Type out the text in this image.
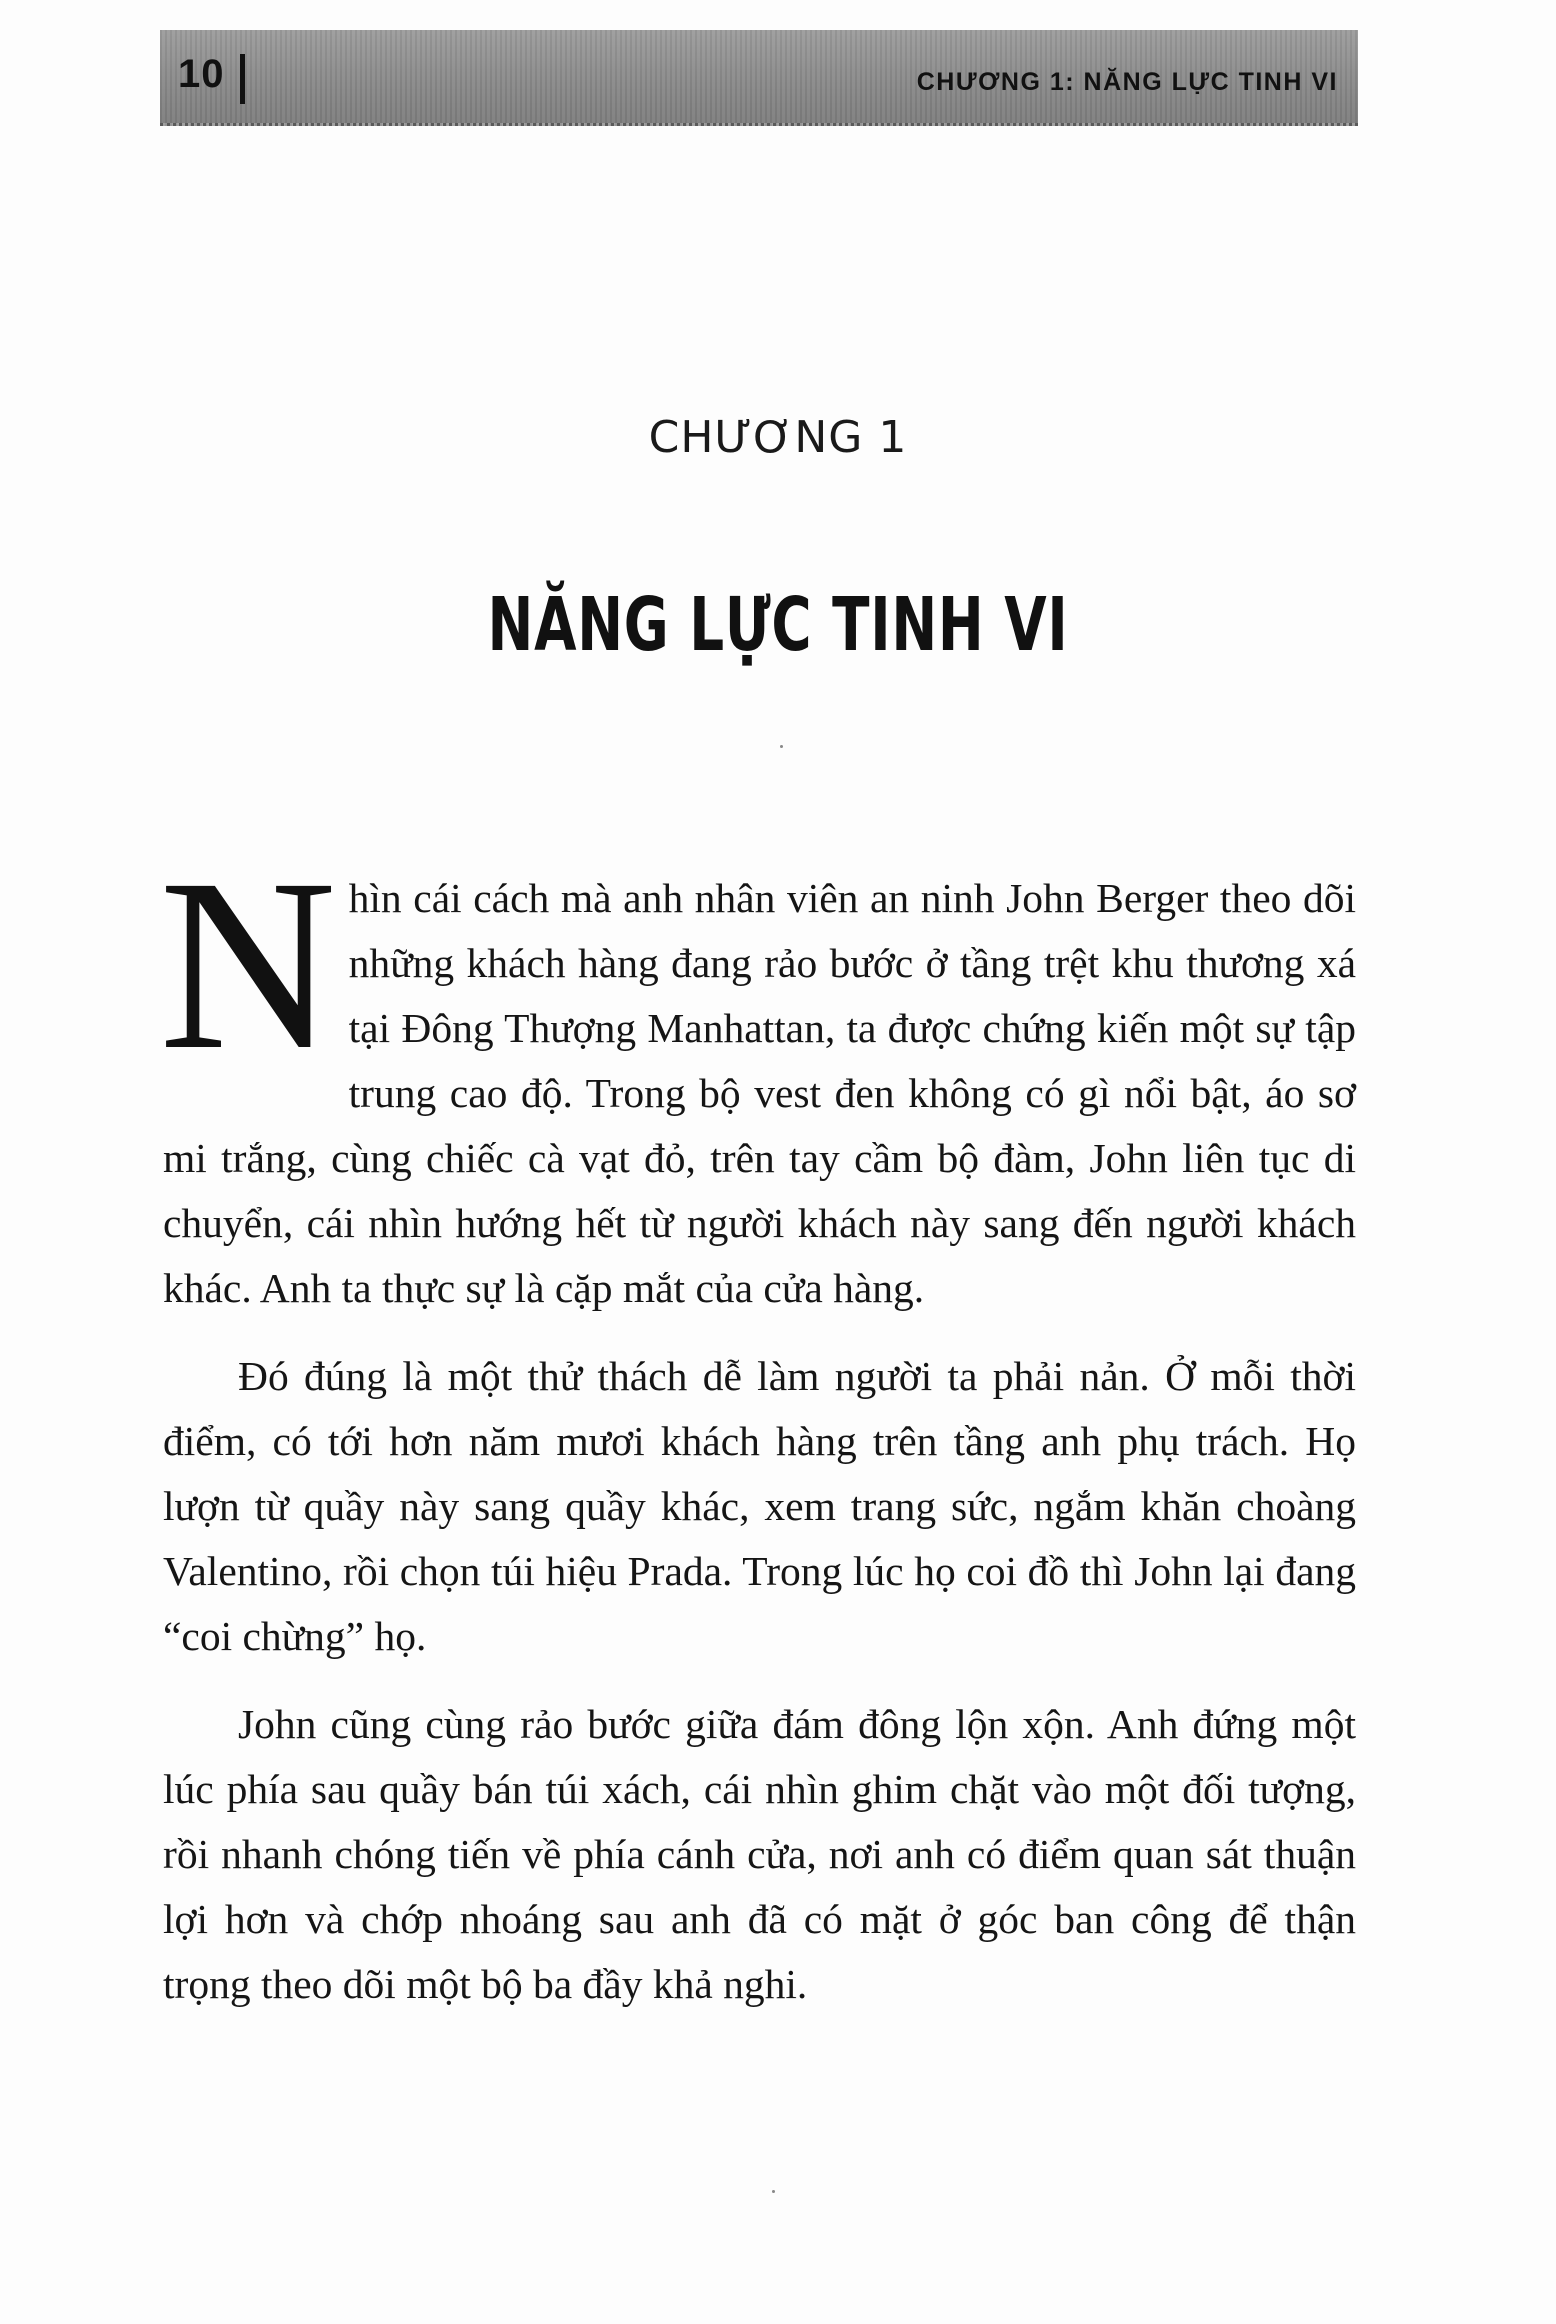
10	CHƯƠNG 1: NĂNG LỰC TINH VI
CHƯƠNG 1
NĂNG LỰC TINH VI

Nhìn cái cách mà anh nhân viên an ninh John Berger theo dõi những khách hàng đang rảo bước ở tầng trệt khu thương xá tại Đông Thượng Manhattan, ta được chứng kiến một sự tập trung cao độ. Trong bộ vest đen không có gì nổi bật, áo sơ mi trắng, cùng chiếc cà vạt đỏ, trên tay cầm bộ đàm, John liên tục di chuyển, cái nhìn hướng hết từ người khách này sang đến người khách khác. Anh ta thực sự là cặp mắt của cửa hàng.

Đó đúng là một thử thách dễ làm người ta phải nản. Ở mỗi thời điểm, có tới hơn năm mươi khách hàng trên tầng anh phụ trách. Họ lượn từ quầy này sang quầy khác, xem trang sức, ngắm khăn choàng Valentino, rồi chọn túi hiệu Prada. Trong lúc họ coi đồ thì John lại đang “coi chừng” họ.

John cũng cùng rảo bước giữa đám đông lộn xộn. Anh đứng một lúc phía sau quầy bán túi xách, cái nhìn ghim chặt vào một đối tượng, rồi nhanh chóng tiến về phía cánh cửa, nơi anh có điểm quan sát thuận lợi hơn và chớp nhoáng sau anh đã có mặt ở góc ban công để thận trọng theo dõi một bộ ba đầy khả nghi.
